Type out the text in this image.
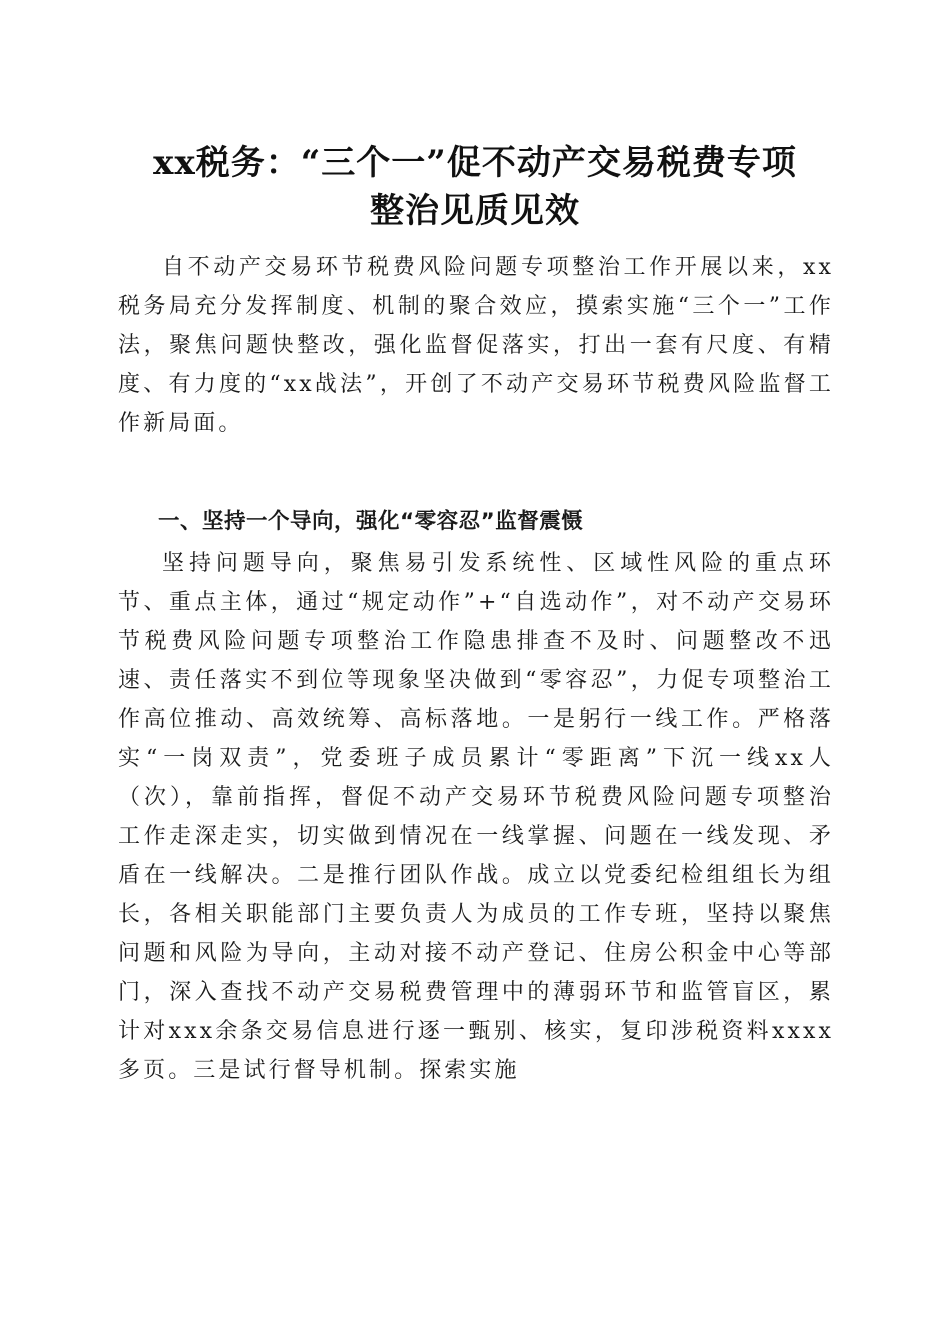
xx税务：“三个一”促不动产交易税费专项
整治见质见效

自不动产交易环节税费风险问题专项整治工作开展以来，xx税务局充分发挥制度、机制的聚合效应，摸索实施“三个一”工作法，聚焦问题快整改，强化监督促落实，打出一套有尺度、有精度、有力度的“xx战法”，开创了不动产交易环节税费风险监督工作新局面。

一、坚持一个导向，强化“零容忍”监督震慑

坚持问题导向，聚焦易引发系统性、区域性风险的重点环节、重点主体，通过“规定动作”+“自选动作”，对不动产交易环节税费风险问题专项整治工作隐患排查不及时、问题整改不迅速、责任落实不到位等现象坚决做到“零容忍”，力促专项整治工作高位推动、高效统筹、高标落地。一是躬行一线工作。严格落实“一岗双责”，党委班子成员累计“零距离”下沉一线xx人（次），靠前指挥，督促不动产交易环节税费风险问题专项整治工作走深走实，切实做到情况在一线掌握、问题在一线发现、矛盾在一线解决。二是推行团队作战。成立以党委纪检组组长为组长，各相关职能部门主要负责人为成员的工作专班，坚持以聚焦问题和风险为导向，主动对接不动产登记、住房公积金中心等部门，深入查找不动产交易税费管理中的薄弱环节和监管盲区，累计对xxx余条交易信息进行逐一甄别、核实，复印涉税资料xxxx多页。三是试行督导机制。探索实施
